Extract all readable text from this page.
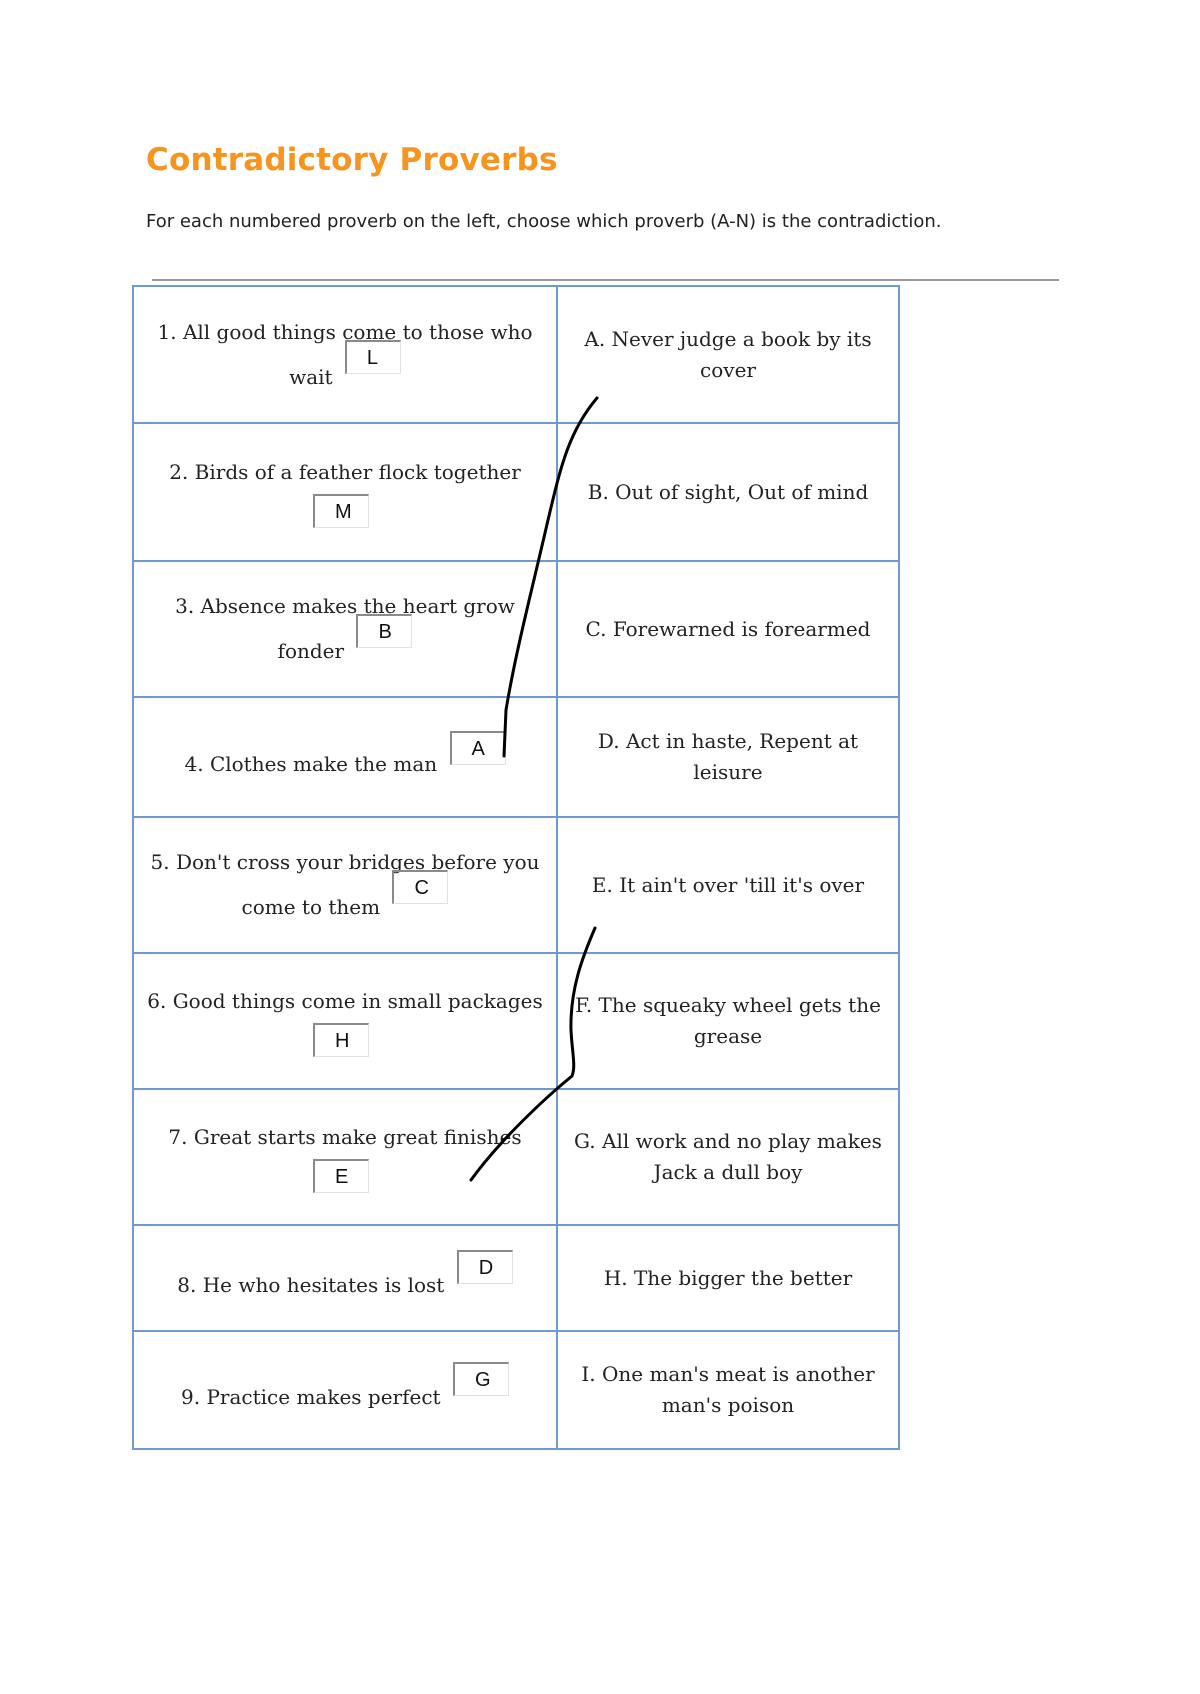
Contradictory Proverbs

For each numbered proverb on the left, choose which proverb (A-N) is the contradiction.

1. All good things come to those who wait
L	A. Never judge a book by its cover

2. Birds of a feather flock together
M	B. Out of sight, Out of mind
3. Absence makes the heart grow fonder
B	C. Forewarned is forearmed
4. Clothes make the man
A	D. Act in haste, Repent at leisure
5. Don't cross your bridges before you come to them
C	E. It ain't over 'till it's over

6. Good things come in small packages
H	F. The squeaky wheel gets the grease

7. Great starts make great finishes
E	G. All work and no play makes Jack a dull boy
8. He who hesitates is lost
D	H. The bigger the better
9. Practice makes perfect
G	I. One man's meat is another man's poison
